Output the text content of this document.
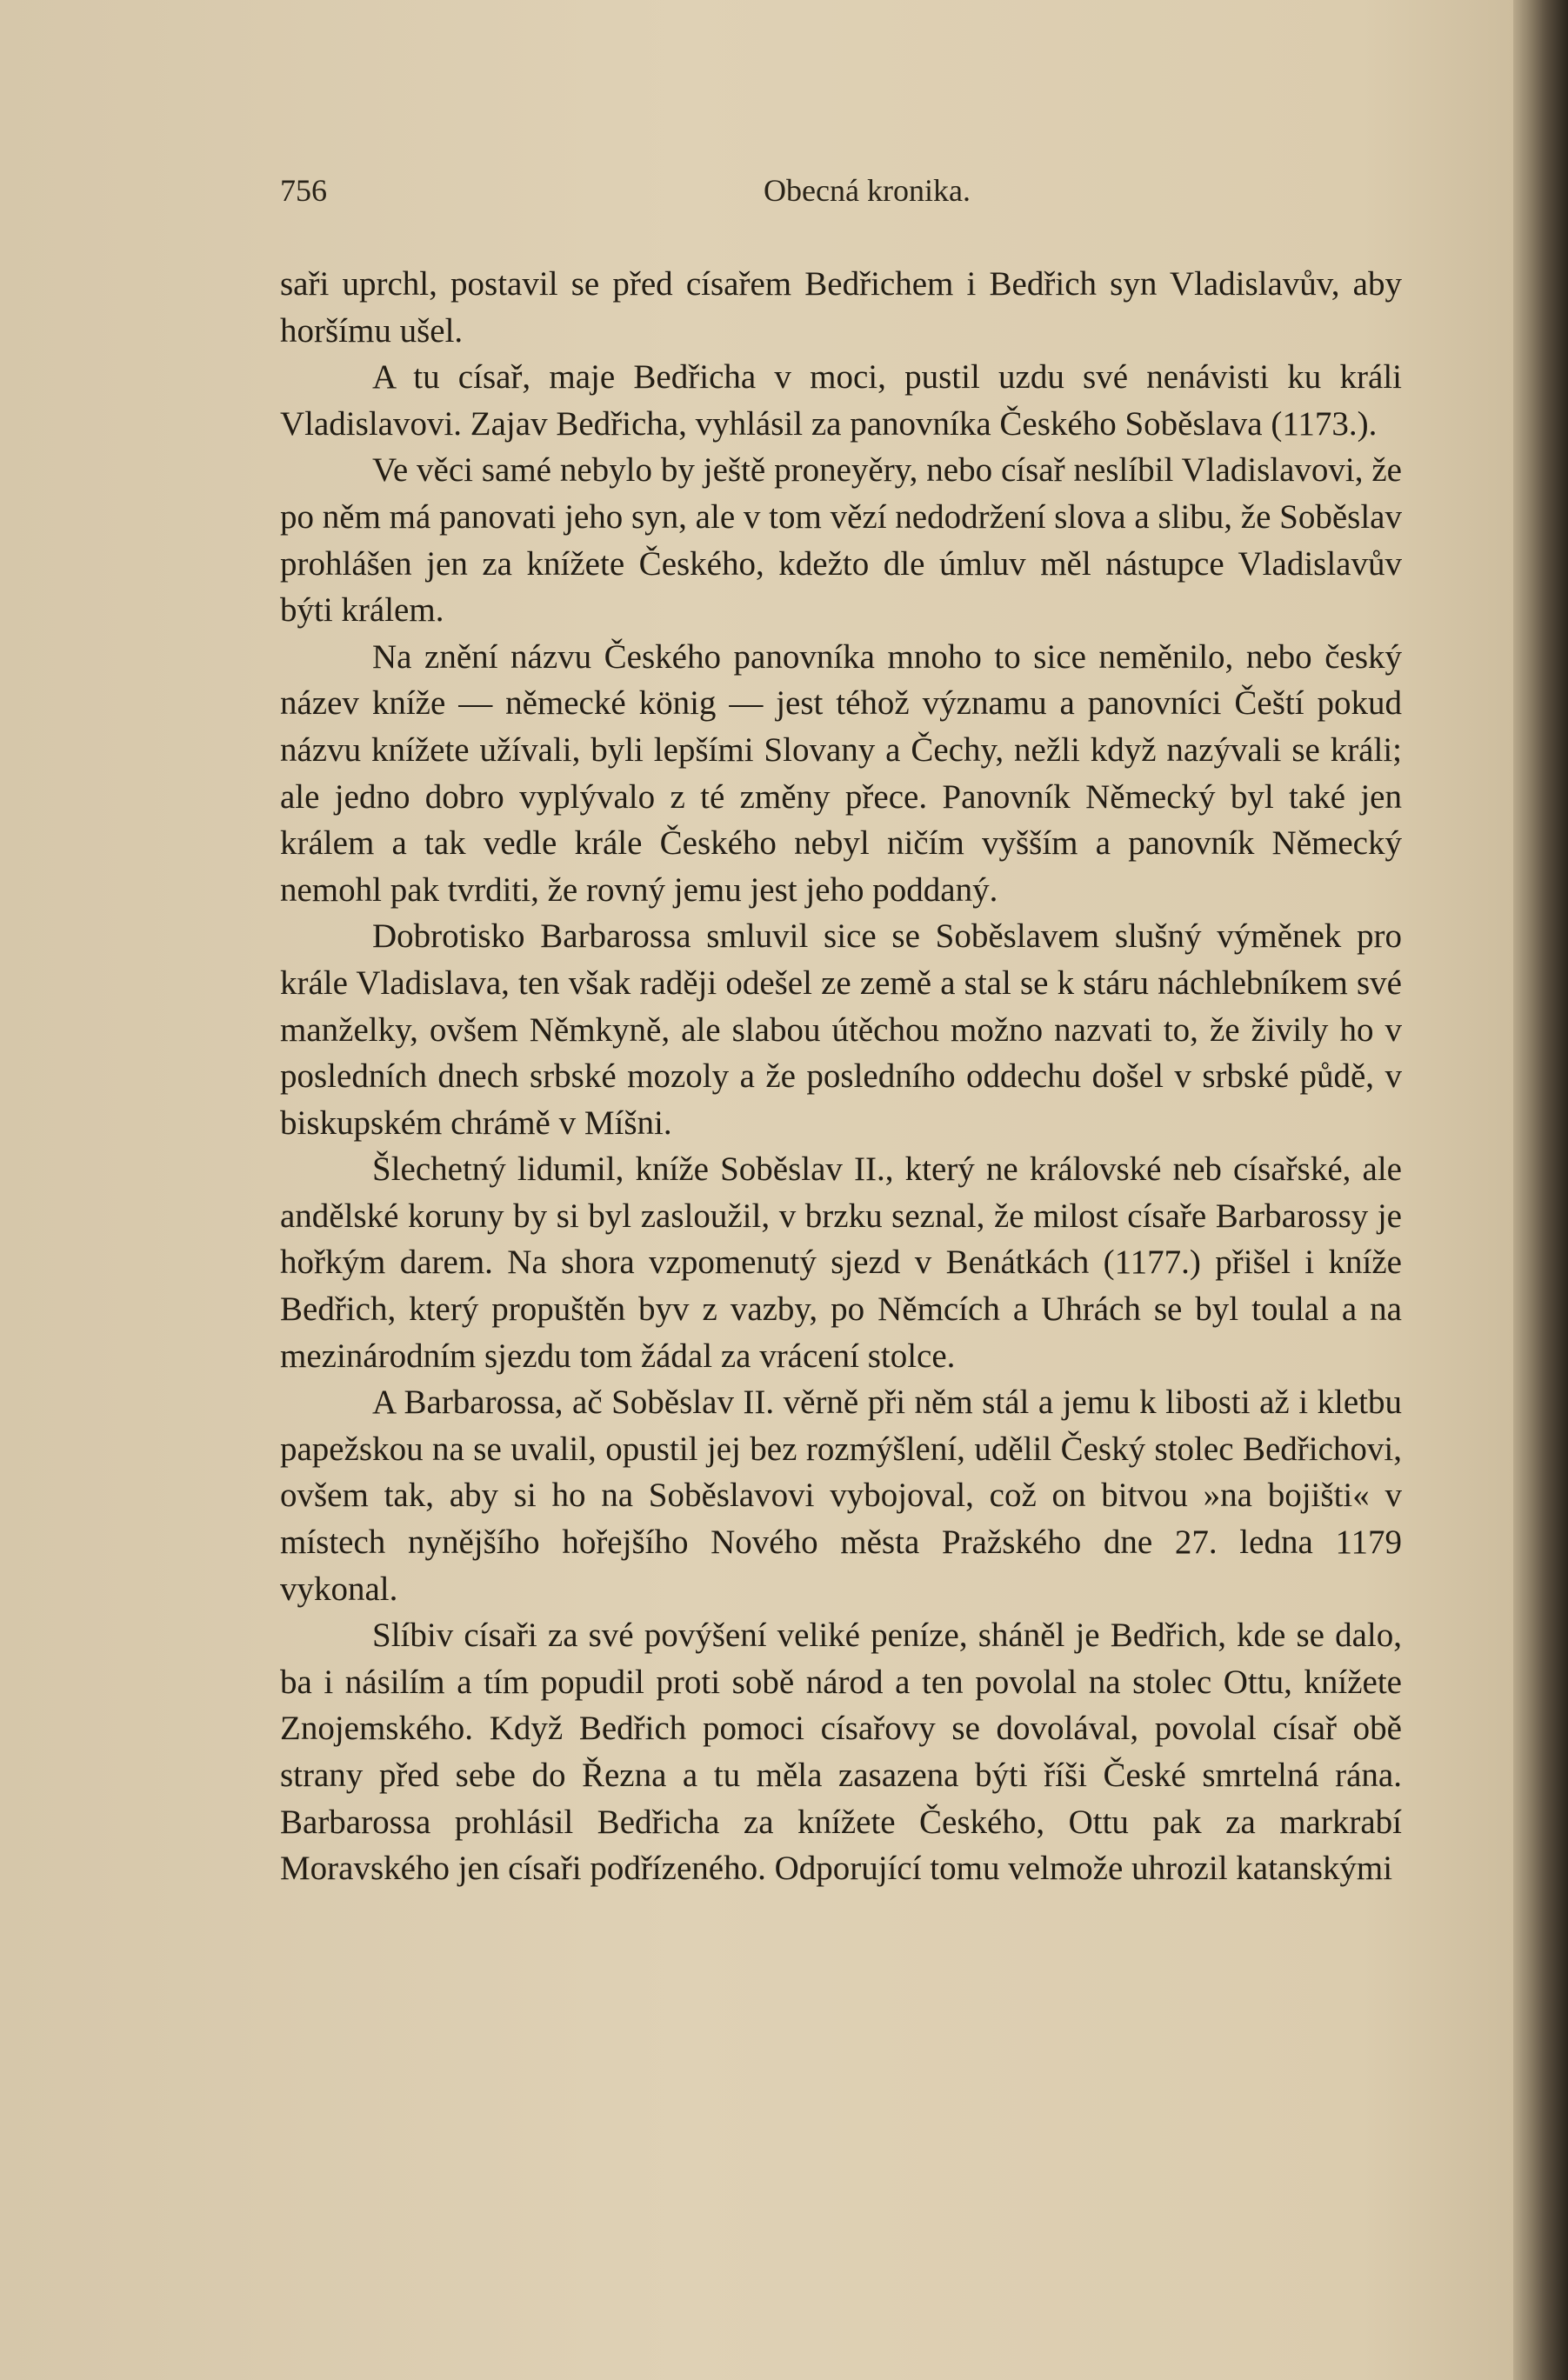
756	Obecná kronika.

saři uprchl, postavil se před císařem Bedřichem i Bedřich syn Vladislavův, aby horšímu ušel.

A tu císař, maje Bedřicha v moci, pustil uzdu své nenávisti ku králi Vladislavovi. Zajav Bedřicha, vyhlásil za panovníka Českého Soběslava (1173.).

Ve věci samé nebylo by ještě proneyěry, nebo císař neslíbil Vladislavovi, že po něm má panovati jeho syn, ale v tom vězí nedodržení slova a slibu, že Soběslav prohlášen jen za knížete Českého, kdežto dle úmluv měl nástupce Vladislavův býti králem.

Na znění názvu Českého panovníka mnoho to sice neměnilo, nebo český název kníže — německé könig — jest téhož významu a panovníci Čeští pokud názvu knížete užívali, byli lepšími Slovany a Čechy, nežli když nazývali se králi; ale jedno dobro vyplývalo z té změny přece. Panovník Německý byl také jen králem a tak vedle krále Českého nebyl ničím vyšším a panovník Německý nemohl pak tvrditi, že rovný jemu jest jeho poddaný.

Dobrotisko Barbarossa smluvil sice se Soběslavem slušný výměnek pro krále Vladislava, ten však raději odešel ze země a stal se k stáru náchlebníkem své manželky, ovšem Němkyně, ale slabou útěchou možno nazvati to, že živily ho v posledních dnech srbské mozoly a že posledního oddechu došel v srbské půdě, v biskupském chrámě v Míšni.

Šlechetný lidumil, kníže Soběslav II., který ne královské neb císařské, ale andělské koruny by si byl zasloužil, v brzku seznal, že milost císaře Barbarossy je hořkým darem. Na shora vzpomenutý sjezd v Benátkách (1177.) přišel i kníže Bedřich, který propuštěn byv z vazby, po Němcích a Uhrách se byl toulal a na mezinárodním sjezdu tom žádal za vrácení stolce.

A Barbarossa, ač Soběslav II. věrně při něm stál a jemu k libosti až i kletbu papežskou na se uvalil, opustil jej bez rozmýšlení, udělil Český stolec Bedřichovi, ovšem tak, aby si ho na Soběslavovi vybojoval, což on bitvou »na bojišti« v místech nynějšího hořejšího Nového města Pražského dne 27. ledna 1179 vykonal.

Slíbiv císaři za své povýšení veliké peníze, sháněl je Bedřich, kde se dalo, ba i násilím a tím popudil proti sobě národ a ten povolal na stolec Ottu, knížete Znojemského. Když Bedřich pomoci císařovy se dovolával, povolal císař obě strany před sebe do Řezna a tu měla zasazena býti říši České smrtelná rána. Barbarossa prohlásil Bedřicha za knížete Českého, Ottu pak za markrabí Moravského jen císaři podřízeného. Odporující tomu velmože uhrozil katanskými
